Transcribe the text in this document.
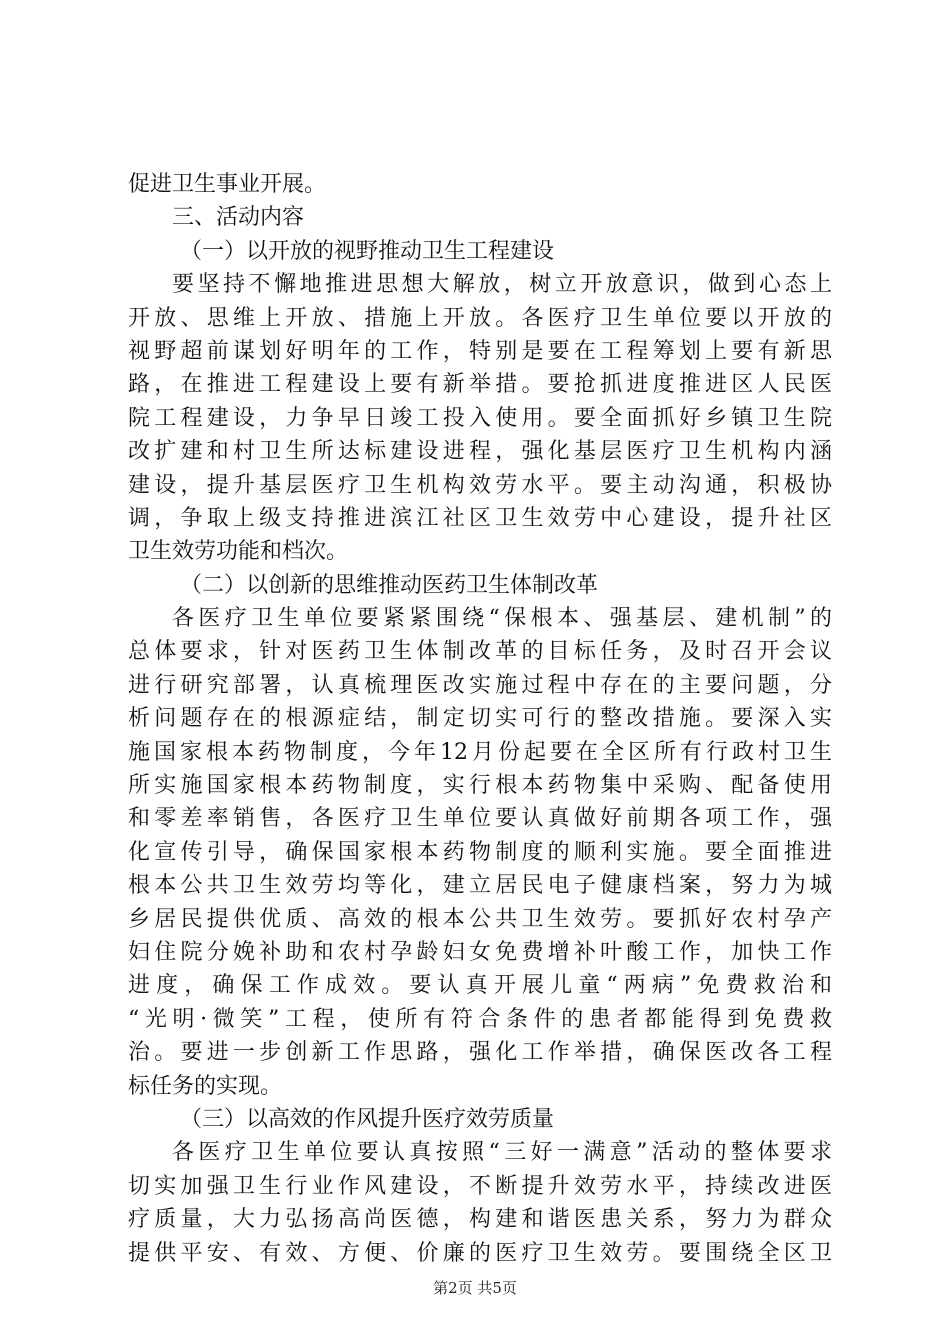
促进卫生事业开展。
三、活动内容
（一）以开放的视野推动卫生工程建设
要坚持不懈地推进思想大解放，树立开放意识，做到心态上
开放、思维上开放、措施上开放。各医疗卫生单位要以开放的
视野超前谋划好明年的工作，特别是要在工程筹划上要有新思
路，在推进工程建设上要有新举措。要抢抓进度推进区人民医
院工程建设，力争早日竣工投入使用。要全面抓好乡镇卫生院
改扩建和村卫生所达标建设进程，强化基层医疗卫生机构内涵
建设，提升基层医疗卫生机构效劳水平。要主动沟通，积极协
调，争取上级支持推进滨江社区卫生效劳中心建设，提升社区
卫生效劳功能和档次。
（二）以创新的思维推动医药卫生体制改革
各医疗卫生单位要紧紧围绕“保根本、强基层、建机制”的
总体要求，针对医药卫生体制改革的目标任务，及时召开会议
进行研究部署，认真梳理医改实施过程中存在的主要问题，分
析问题存在的根源症结，制定切实可行的整改措施。要深入实
施国家根本药物制度，今年12月份起要在全区所有行政村卫生
所实施国家根本药物制度，实行根本药物集中采购、配备使用
和零差率销售，各医疗卫生单位要认真做好前期各项工作，强
化宣传引导，确保国家根本药物制度的顺利实施。要全面推进
根本公共卫生效劳均等化，建立居民电子健康档案，努力为城
乡居民提供优质、高效的根本公共卫生效劳。要抓好农村孕产
妇住院分娩补助和农村孕龄妇女免费增补叶酸工作，加快工作
进度，确保工作成效。要认真开展儿童“两病”免费救治和
“光明·微笑”工程，使所有符合条件的患者都能得到免费救
治。要进一步创新工作思路，强化工作举措，确保医改各工程
标任务的实现。
（三）以高效的作风提升医疗效劳质量
各医疗卫生单位要认真按照“三好一满意”活动的整体要求
切实加强卫生行业作风建设，不断提升效劳水平，持续改进医
疗质量，大力弘扬高尚医德，构建和谐医患关系，努力为群众
提供平安、有效、方便、价廉的医疗卫生效劳。要围绕全区卫
第2页 共5页
